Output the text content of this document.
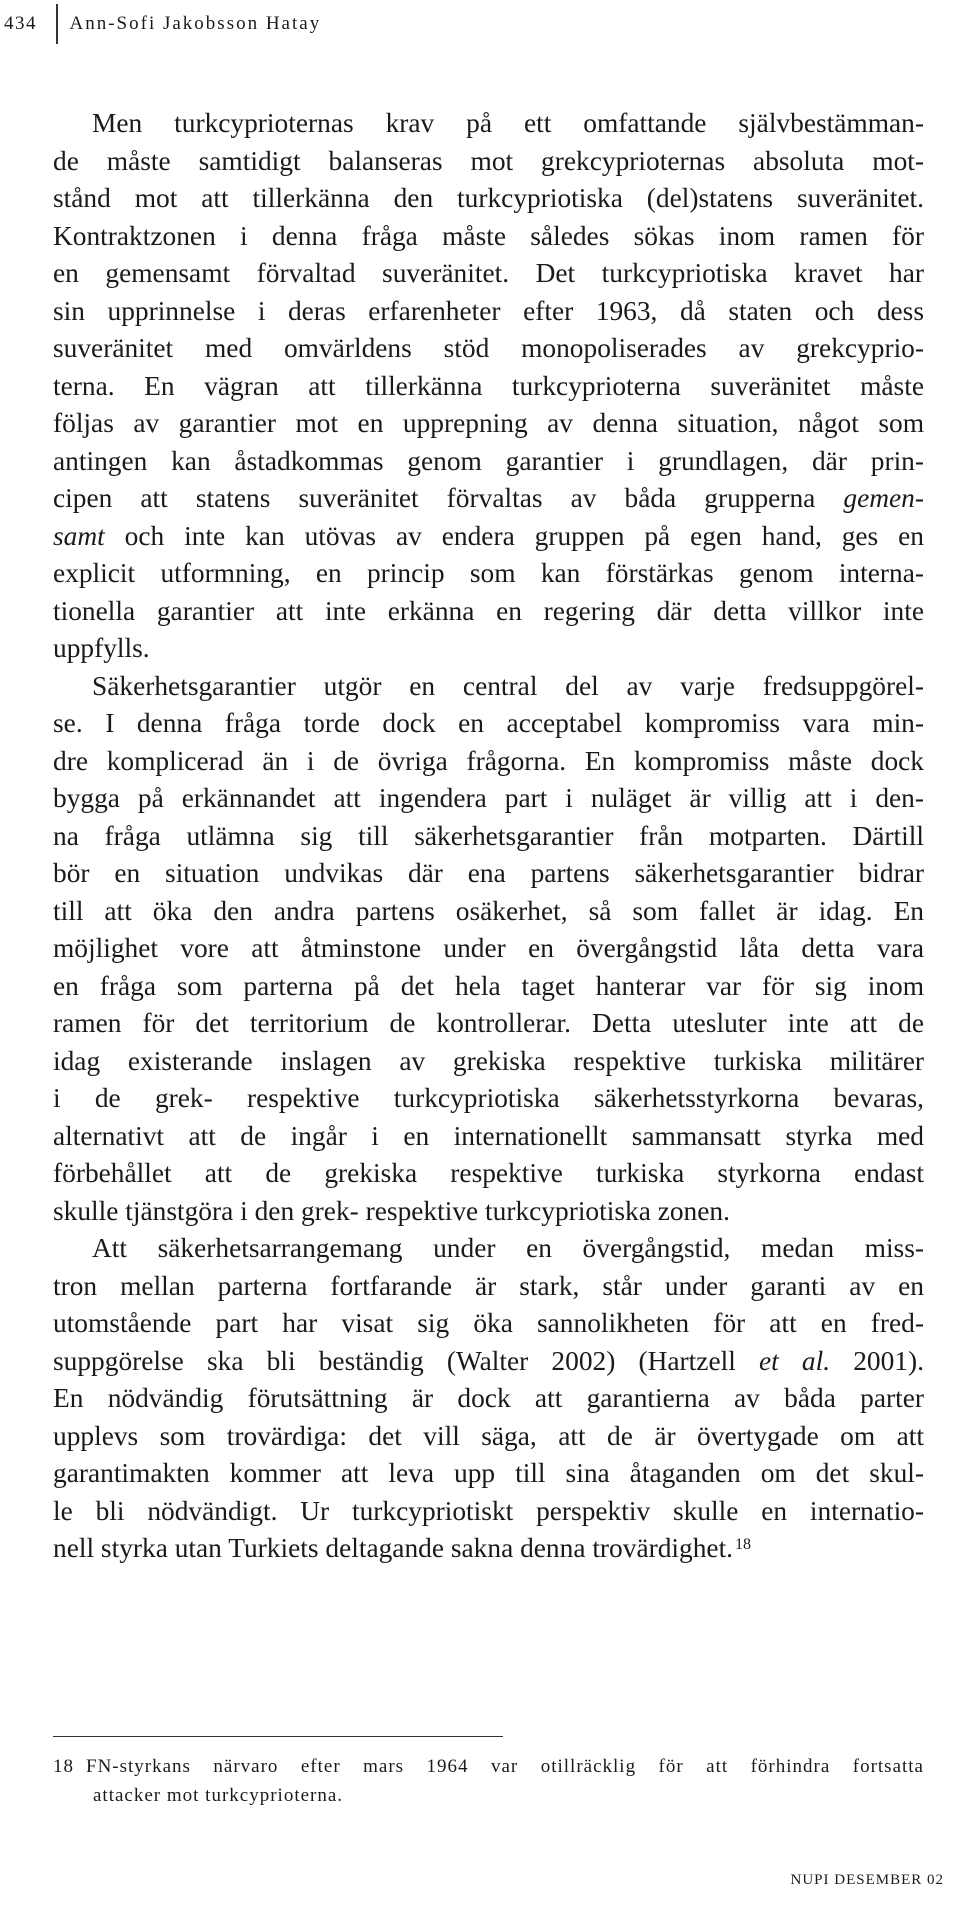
434	Ann-Sofi Jakobsson Hatay
Men turkcyprioternas krav på ett omfattande självbestämman-
de måste samtidigt balanseras mot grekcyprioternas absoluta mot-
stånd mot att tillerkänna den turkcypriotiska (del)statens suveränitet.
Kontraktzonen i denna fråga måste således sökas inom ramen för
en gemensamt förvaltad suveränitet. Det turkcypriotiska kravet har
sin upprinnelse i deras erfarenheter efter 1963, då staten och dess
suveränitet med omvärldens stöd monopoliserades av grekcyprio-
terna. En vägran att tillerkänna turkcyprioterna suveränitet måste
följas av garantier mot en upprepning av denna situation, något som
antingen kan åstadkommas genom garantier i grundlagen, där prin-
cipen att statens suveränitet förvaltas av båda grupperna gemen-
samt och inte kan utövas av endera gruppen på egen hand, ges en
explicit utformning, en princip som kan förstärkas genom interna-
tionella garantier att inte erkänna en regering där detta villkor inte
uppfylls.
Säkerhetsgarantier utgör en central del av varje fredsuppgörel-
se. I denna fråga torde dock en acceptabel kompromiss vara min-
dre komplicerad än i de övriga frågorna. En kompromiss måste dock
bygga på erkännandet att ingendera part i nuläget är villig att i den-
na fråga utlämna sig till säkerhetsgarantier från motparten. Därtill
bör en situation undvikas där ena partens säkerhetsgarantier bidrar
till att öka den andra partens osäkerhet, så som fallet är idag. En
möjlighet vore att åtminstone under en övergångstid låta detta vara
en fråga som parterna på det hela taget hanterar var för sig inom
ramen för det territorium de kontrollerar. Detta utesluter inte att de
idag existerande inslagen av grekiska respektive turkiska militärer
i de grek- respektive turkcypriotiska säkerhetsstyrkorna bevaras,
alternativt att de ingår i en internationellt sammansatt styrka med
förbehållet att de grekiska respektive turkiska styrkorna endast
skulle tjänstgöra i den grek- respektive turkcypriotiska zonen.
Att säkerhetsarrangemang under en övergångstid, medan miss-
tron mellan parterna fortfarande är stark, står under garanti av en
utomstående part har visat sig öka sannolikheten för att en fred-
suppgörelse ska bli beständig (Walter 2002) (Hartzell et al. 2001).
En nödvändig förutsättning är dock att garantierna av båda parter
upplevs som trovärdiga: det vill säga, att de är övertygade om att
garantimakten kommer att leva upp till sina åtaganden om det skul-
le bli nödvändigt. Ur turkcypriotiskt perspektiv skulle en internatio-
nell styrka utan Turkiets deltagande sakna denna trovärdighet. $^{18}$
18 FN-styrkans närvaro efter mars 1964 var otillräcklig för att förhindra fortsatta
attacker mot turkcyprioterna.
NUPI DESEMBER 02
